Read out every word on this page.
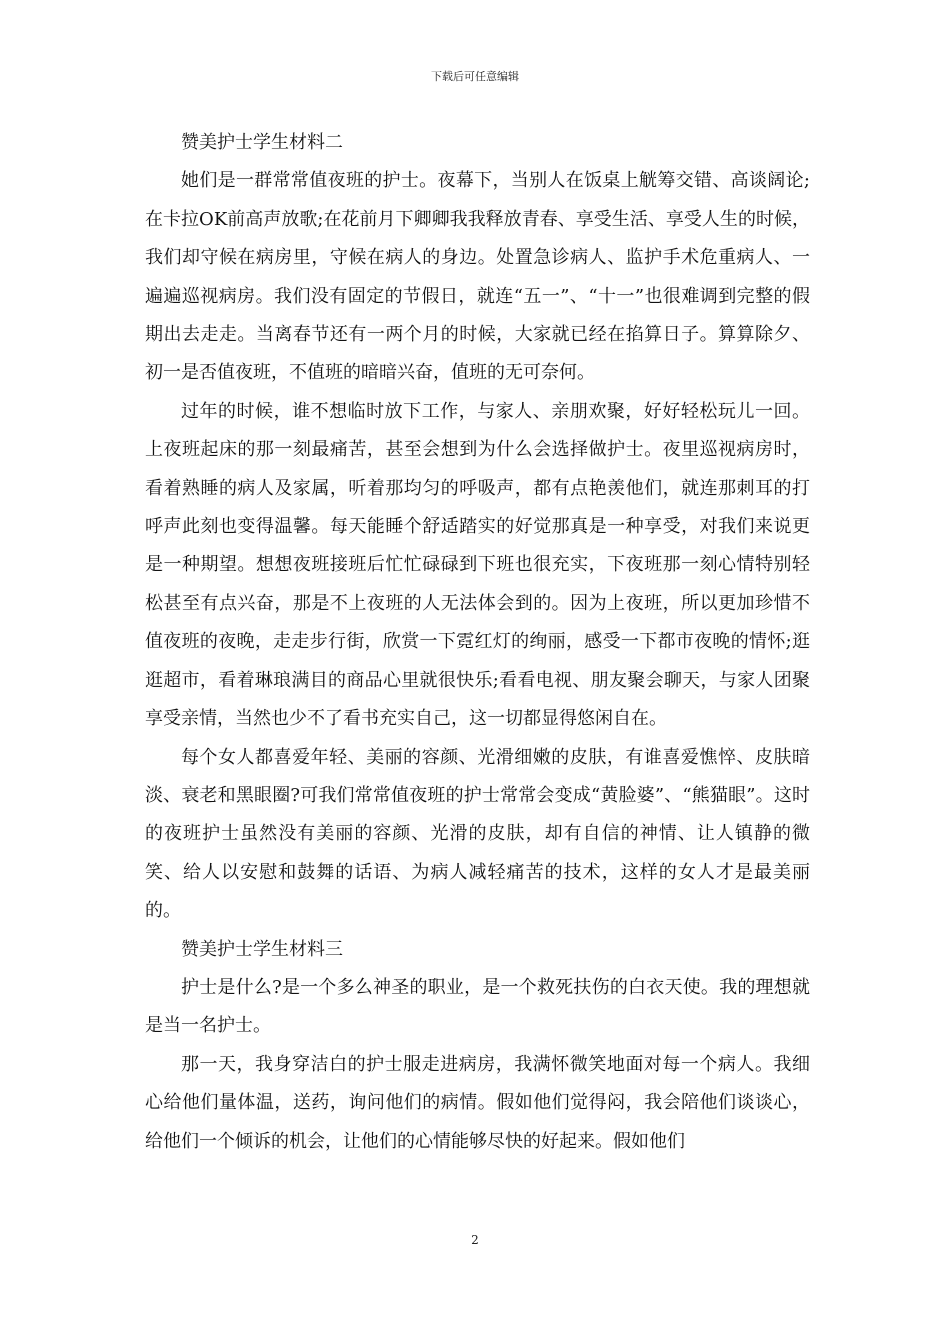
下载后可任意编辑

赞美护士学生材料二

她们是一群常常值夜班的护士。夜幕下，当别人在饭桌上觥筹交错、高谈阔论;在卡拉OK前高声放歌;在花前月下卿卿我我释放青春、享受生活、享受人生的时候，我们却守候在病房里，守候在病人的身边。处置急诊病人、监护手术危重病人、一遍遍巡视病房。我们没有固定的节假日，就连“五一”、“十一”也很难调到完整的假期出去走走。当离春节还有一两个月的时候，大家就已经在掐算日子。算算除夕、初一是否值夜班，不值班的暗暗兴奋，值班的无可奈何。

过年的时候，谁不想临时放下工作，与家人、亲朋欢聚，好好轻松玩儿一回。上夜班起床的那一刻最痛苦，甚至会想到为什么会选择做护士。夜里巡视病房时，看着熟睡的病人及家属，听着那均匀的呼吸声，都有点艳羡他们，就连那刺耳的打呼声此刻也变得温馨。每天能睡个舒适踏实的好觉那真是一种享受，对我们来说更是一种期望。想想夜班接班后忙忙碌碌到下班也很充实，下夜班那一刻心情特别轻松甚至有点兴奋，那是不上夜班的人无法体会到的。因为上夜班，所以更加珍惜不值夜班的夜晚，走走步行街，欣赏一下霓红灯的绚丽，感受一下都市夜晚的情怀;逛逛超市，看着琳琅满目的商品心里就很快乐;看看电视、朋友聚会聊天，与家人团聚享受亲情，当然也少不了看书充实自己，这一切都显得悠闲自在。

每个女人都喜爱年轻、美丽的容颜、光滑细嫩的皮肤，有谁喜爱憔悴、皮肤暗淡、衰老和黑眼圈?可我们常常值夜班的护士常常会变成“黄脸婆”、“熊猫眼”。这时的夜班护士虽然没有美丽的容颜、光滑的皮肤，却有自信的神情、让人镇静的微笑、给人以安慰和鼓舞的话语、为病人减轻痛苦的技术，这样的女人才是最美丽的。

赞美护士学生材料三

护士是什么?是一个多么神圣的职业，是一个救死扶伤的白衣天使。我的理想就是当一名护士。

那一天，我身穿洁白的护士服走进病房，我满怀微笑地面对每一个病人。我细心给他们量体温，送药，询问他们的病情。假如他们觉得闷，我会陪他们谈谈心，给他们一个倾诉的机会，让他们的心情能够尽快的好起来。假如他们

2
